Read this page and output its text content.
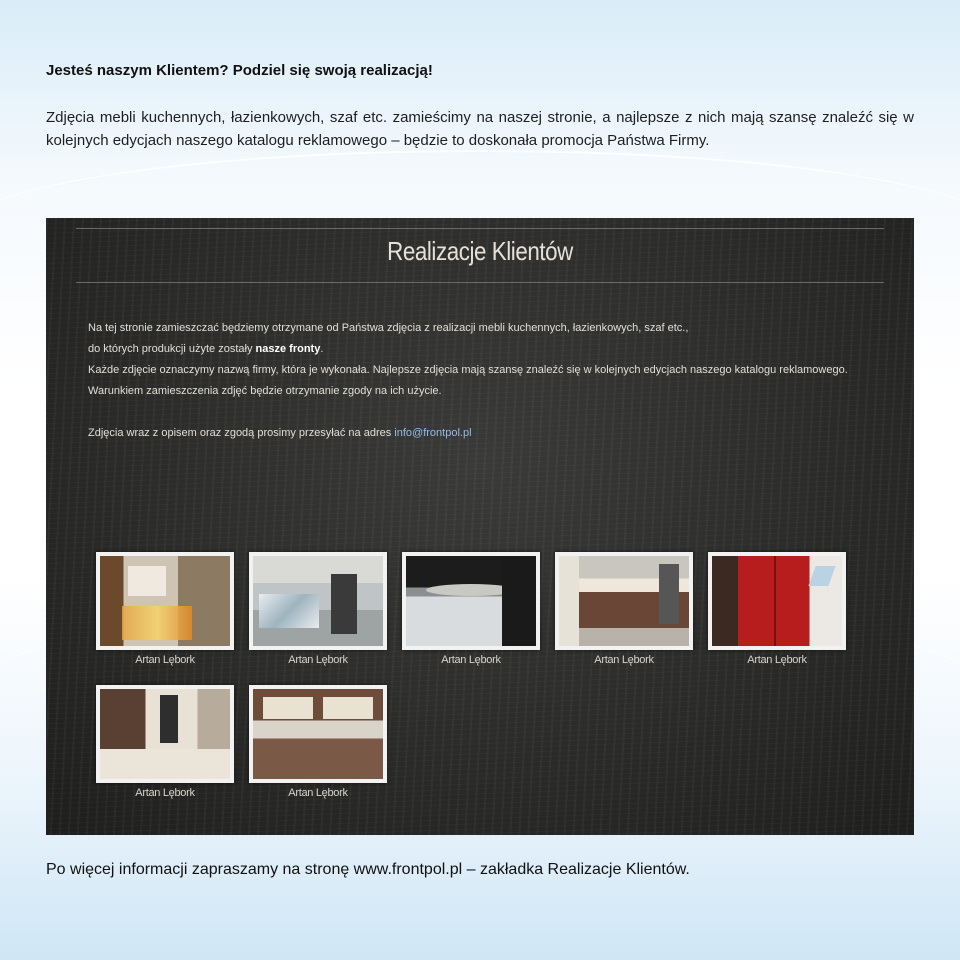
Jesteś naszym Klientem? Podziel się swoją realizacją!

Zdjęcia mebli kuchennych, łazienkowych, szaf etc. zamieścimy na naszej stronie, a najlepsze z nich mają szansę znaleźć się w kolejnych edycjach naszego katalogu reklamowego – będzie to doskonała promocja Państwa Firmy.

Realizacje Klientów

Na tej stronie zamieszczać będziemy otrzymane od Państwa zdjęcia z realizacji mebli kuchennych, łazienkowych, szaf etc.,

do których produkcji użyte zostały nasze fronty.

Każde zdjęcie oznaczymy nazwą firmy, która je wykonała. Najlepsze zdjęcia mają szansę znaleźć się w kolejnych edycjach naszego katalogu reklamowego.

Warunkiem zamieszczenia zdjęć będzie otrzymanie zgody na ich użycie.

Zdjęcia wraz z opisem oraz zgodą prosimy przesyłać na adres info@frontpol.pl

Artan Lębork	Artan Lębork	Artan Lębork	Artan Lębork	Artan Lębork
Artan Lębork	Artan Lębork

Po więcej informacji zapraszamy na stronę www.frontpol.pl – zakładka Realizacje Klientów.
